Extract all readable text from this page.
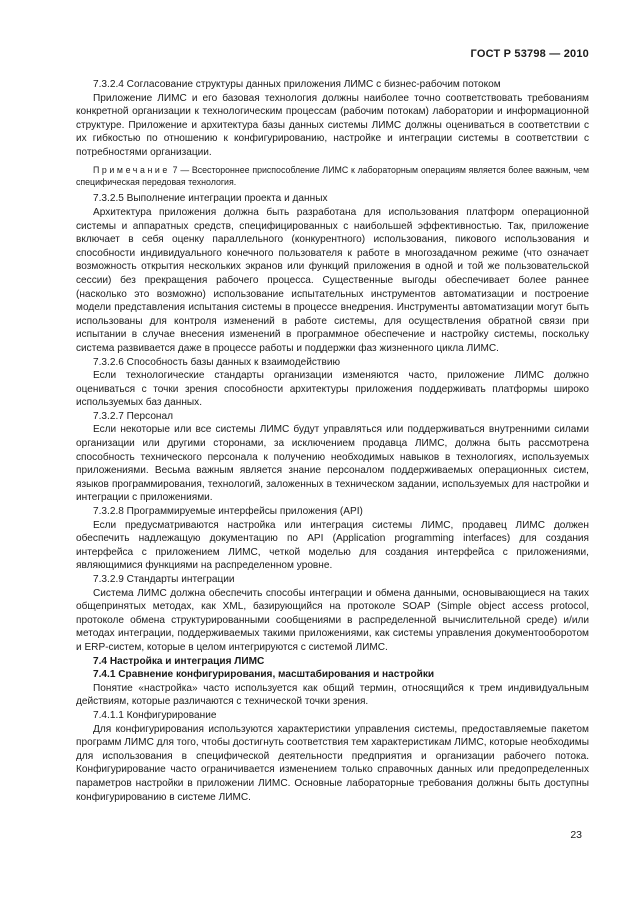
ГОСТ Р 53798 — 2010
7.3.2.4 Согласование структуры данных приложения ЛИМС с бизнес-рабочим потоком
Приложение ЛИМС и его базовая технология должны наиболее точно соответствовать требованиям конкретной организации к технологическим процессам (рабочим потокам) лаборатории и информационной структуре. Приложение и архитектура базы данных системы ЛИМС должны оцениваться в соответствии с их гибкостью по отношению к конфигурированию, настройке и интеграции системы в соответствии с потребностями организации.
Примечание 7 — Всестороннее приспособление ЛИМС к лабораторным операциям является более важным, чем специфическая передовая технология.
7.3.2.5 Выполнение интеграции проекта и данных
Архитектура приложения должна быть разработана для использования платформ операционной системы и аппаратных средств, специфицированных с наибольшей эффективностью. Так, приложение включает в себя оценку параллельного (конкурентного) использования, пикового использования и способности индивидуального конечного пользователя к работе в многозадачном режиме (что означает возможность открытия нескольких экранов или функций приложения в одной и той же пользовательской сессии) без прекращения рабочего процесса. Существенные выгоды обеспечивает более раннее (насколько это возможно) использование испытательных инструментов автоматизации и построение модели представления испытания системы в процессе внедрения. Инструменты автоматизации могут быть использованы для контроля изменений в работе системы, для осуществления обратной связи при испытании в случае внесения изменений в программное обеспечение и настройку системы, поскольку система развивается даже в процессе работы и поддержки фаз жизненного цикла ЛИМС.
7.3.2.6 Способность базы данных к взаимодействию
Если технологические стандарты организации изменяются часто, приложение ЛИМС должно оцениваться с точки зрения способности архитектуры приложения поддерживать платформы широко используемых баз данных.
7.3.2.7 Персонал
Если некоторые или все системы ЛИМС будут управляться или поддерживаться внутренними силами организации или другими сторонами, за исключением продавца ЛИМС, должна быть рассмотрена способность технического персонала к получению необходимых навыков в технологиях, используемых приложениями. Весьма важным является знание персоналом поддерживаемых операционных систем, языков программирования, технологий, заложенных в техническом задании, используемых для настройки и интеграции с приложениями.
7.3.2.8 Программируемые интерфейсы приложения (API)
Если предусматриваются настройка или интеграция системы ЛИМС, продавец ЛИМС должен обеспечить надлежащую документацию по API (Application programming interfaces) для создания интерфейса с приложением ЛИМС, четкой моделью для создания интерфейса с приложениями, являющимися функциями на распределенном уровне.
7.3.2.9 Стандарты интеграции
Система ЛИМС должна обеспечить способы интеграции и обмена данными, основывающиеся на таких общепринятых методах, как XML, базирующийся на протоколе SOAP (Simple object access protocol, протоколе обмена структурированными сообщениями в распределенной вычислительной среде) и/или методах интеграции, поддерживаемых такими приложениями, как системы управления документооборотом и ERP-систем, которые в целом интегрируются с системой ЛИМС.
7.4 Настройка и интеграция ЛИМС
7.4.1 Сравнение конфигурирования, масштабирования и настройки
Понятие «настройка» часто используется как общий термин, относящийся к трем индивидуальным действиям, которые различаются с технической точки зрения.
7.4.1.1 Конфигурирование
Для конфигурирования используются характеристики управления системы, предоставляемые пакетом программ ЛИМС для того, чтобы достигнуть соответствия тем характеристикам ЛИМС, которые необходимы для использования в специфической деятельности предприятия и организации рабочего потока. Конфигурирование часто ограничивается изменением только справочных данных или предопределенных параметров настройки в приложении ЛИМС. Основные лабораторные требования должны быть доступны конфигурированию в системе ЛИМС.
23
